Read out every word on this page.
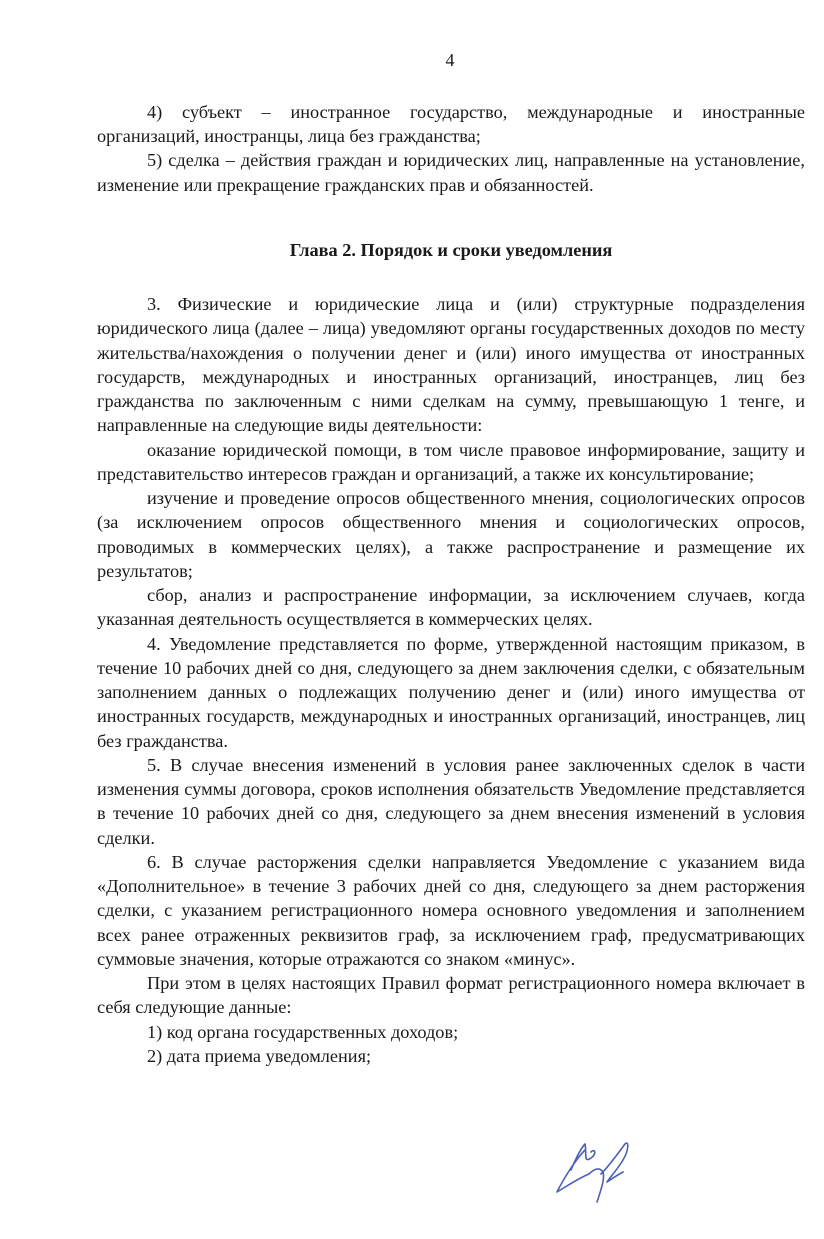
4

4) субъект – иностранное государство, международные и иностранные организаций, иностранцы, лица без гражданства;

5) сделка – действия граждан и юридических лиц, направленные на установление, изменение или прекращение гражданских прав и обязанностей.

Глава 2. Порядок и сроки уведомления

3. Физические и юридические лица и (или) структурные подразделения юридического лица (далее – лица) уведомляют органы государственных доходов по месту жительства/нахождения о получении денег и (или) иного имущества от иностранных государств, международных и иностранных организаций, иностранцев, лиц без гражданства по заключенным с ними сделкам на сумму, превышающую 1 тенге, и направленные на следующие виды деятельности:

оказание юридической помощи, в том числе правовое информирование, защиту и представительство интересов граждан и организаций, а также их консультирование;

изучение и проведение опросов общественного мнения, социологических опросов (за исключением опросов общественного мнения и социологических опросов, проводимых в коммерческих целях), а также распространение и размещение их результатов;

сбор, анализ и распространение информации, за исключением случаев, когда указанная деятельность осуществляется в коммерческих целях.

4. Уведомление представляется по форме, утвержденной настоящим приказом, в течение 10 рабочих дней со дня, следующего за днем заключения сделки, с обязательным заполнением данных о подлежащих получению денег и (или) иного имущества от иностранных государств, международных и иностранных организаций, иностранцев, лиц без гражданства.

5. В случае внесения изменений в условия ранее заключенных сделок в части изменения суммы договора, сроков исполнения обязательств Уведомление представляется в течение 10 рабочих дней со дня, следующего за днем внесения изменений в условия сделки.

6. В случае расторжения сделки направляется Уведомление с указанием вида «Дополнительное» в течение 3 рабочих дней со дня, следующего за днем расторжения сделки, с указанием регистрационного номера основного уведомления и заполнением всех ранее отраженных реквизитов граф, за исключением граф, предусматривающих суммовые значения, которые отражаются со знаком «минус».

При этом в целях настоящих Правил формат регистрационного номера включает в себя следующие данные:

1) код органа государственных доходов;

2) дата приема уведомления;
